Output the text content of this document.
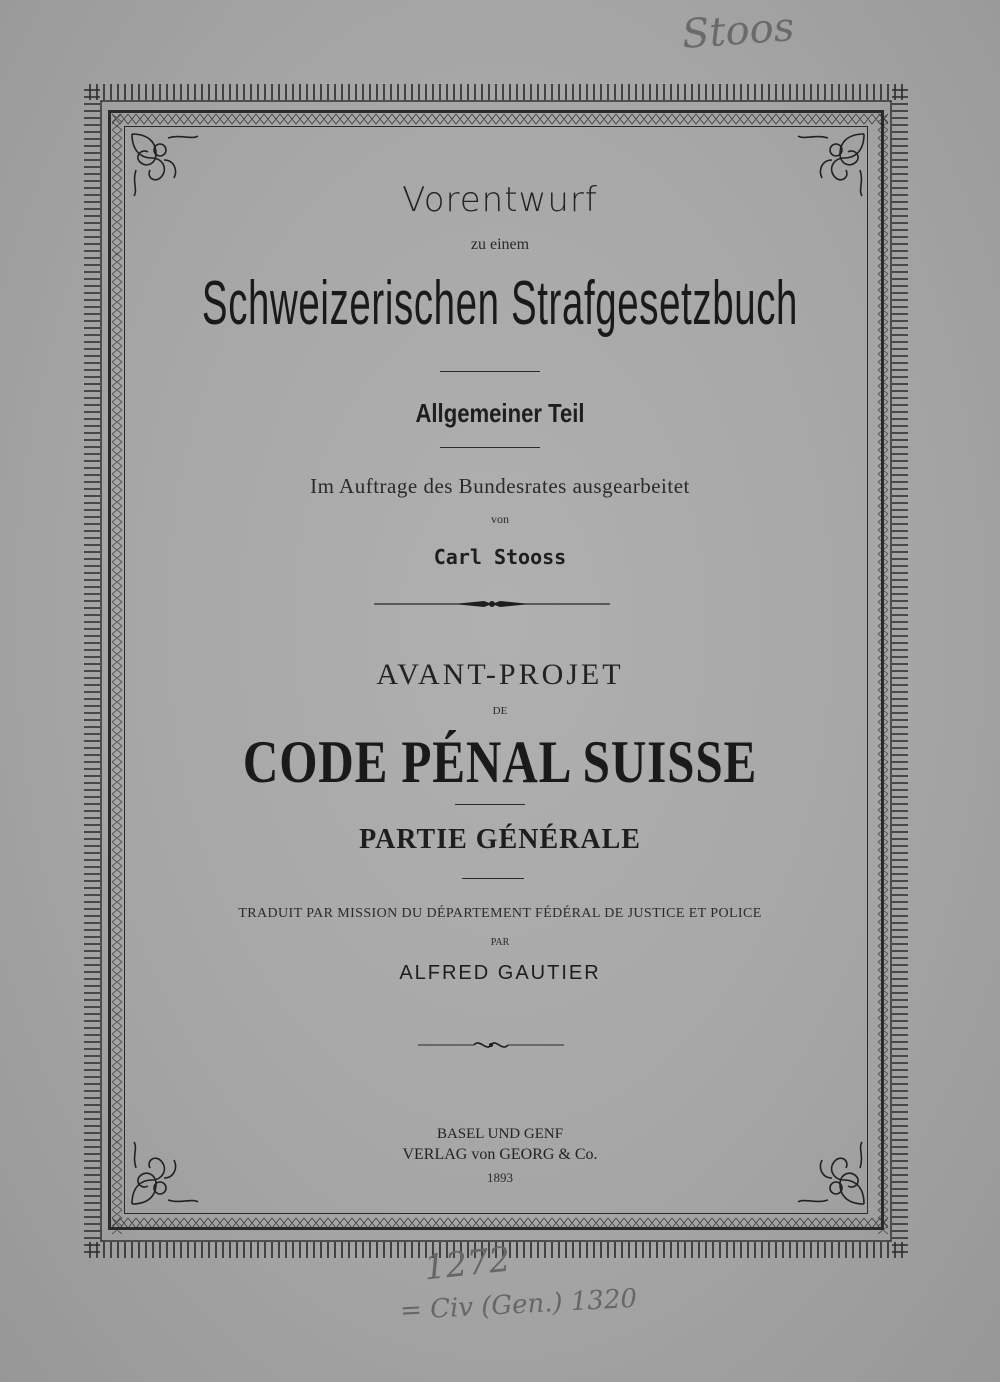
Vorentwurf
zu einem
Schweizerischen Strafgesetzbuch
Allgemeiner Teil
Im Auftrage des Bundesrates ausgearbeitet
von
Carl Stooss
AVANT-PROJET
DE
CODE PÉNAL SUISSE
PARTIE GÉNÉRALE
TRADUIT PAR MISSION DU DÉPARTEMENT FÉDÉRAL DE JUSTICE ET POLICE
PAR
ALFRED GAUTIER
BASEL UND GENF
VERLAG von GEORG & Co.
1893
Stoos
1272
= Civ (Gen.) 1320
